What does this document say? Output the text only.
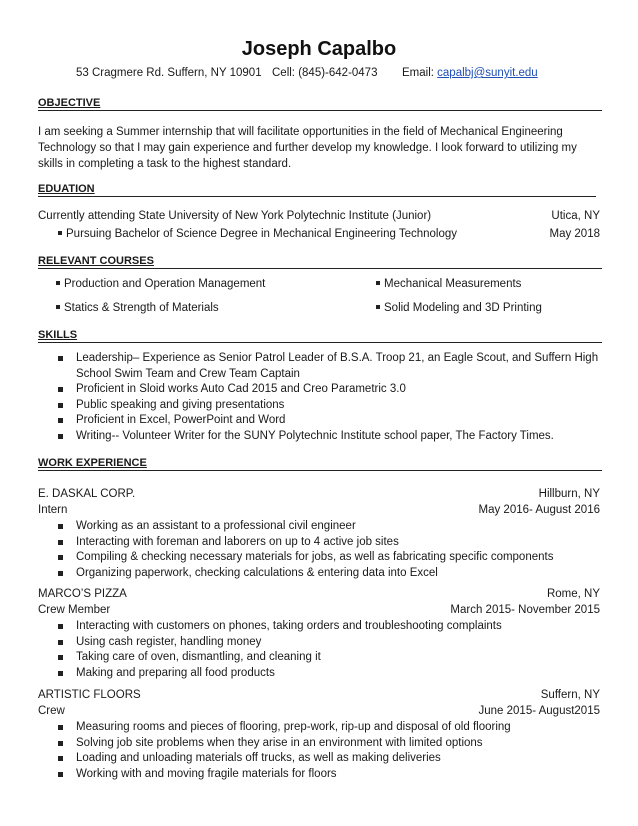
Joseph Capalbo
53 Cragmere Rd. Suffern, NY 10901 Cell: (845)-642-0473 Email: capalbj@sunyit.edu
OBJECTIVE
I am seeking a Summer internship that will facilitate opportunities in the field of Mechanical Engineering
Technology so that I may gain experience and further develop my knowledge. I look forward to utilizing my
skills in completing a task to the highest standard.
EDUATION
Currently attending State University of New York Polytechnic Institute (Junior)	Utica, NY
Pursuing Bachelor of Science Degree in Mechanical Engineering Technology	May 2018
RELEVANT COURSES
Production and Operation Management	Mechanical Measurements
Statics & Strength of Materials	Solid Modeling and 3D Printing
SKILLS
Leadership– Experience as Senior Patrol Leader of B.S.A. Troop 21, an Eagle Scout, and Suffern High
School Swim Team and Crew Team Captain
Proficient in Sloid works Auto Cad 2015 and Creo Parametric 3.0
Public speaking and giving presentations
Proficient in Excel, PowerPoint and Word
Writing-- Volunteer Writer for the SUNY Polytechnic Institute school paper, The Factory Times.
WORK EXPERIENCE
E. DASKAL CORP.	Hillburn, NY
Intern	May 2016- August 2016
Working as an assistant to a professional civil engineer
Interacting with foreman and laborers on up to 4 active job sites
Compiling & checking necessary materials for jobs, as well as fabricating specific components
Organizing paperwork, checking calculations & entering data into Excel
MARCO’S PIZZA	Rome, NY
Crew Member	March 2015- November 2015
Interacting with customers on phones, taking orders and troubleshooting complaints
Using cash register, handling money
Taking care of oven, dismantling, and cleaning it
Making and preparing all food products
ARTISTIC FLOORS	Suffern, NY
Crew	June 2015- August2015
Measuring rooms and pieces of flooring, prep-work, rip-up and disposal of old flooring
Solving job site problems when they arise in an environment with limited options
Loading and unloading materials off trucks, as well as making deliveries
Working with and moving fragile materials for floors
